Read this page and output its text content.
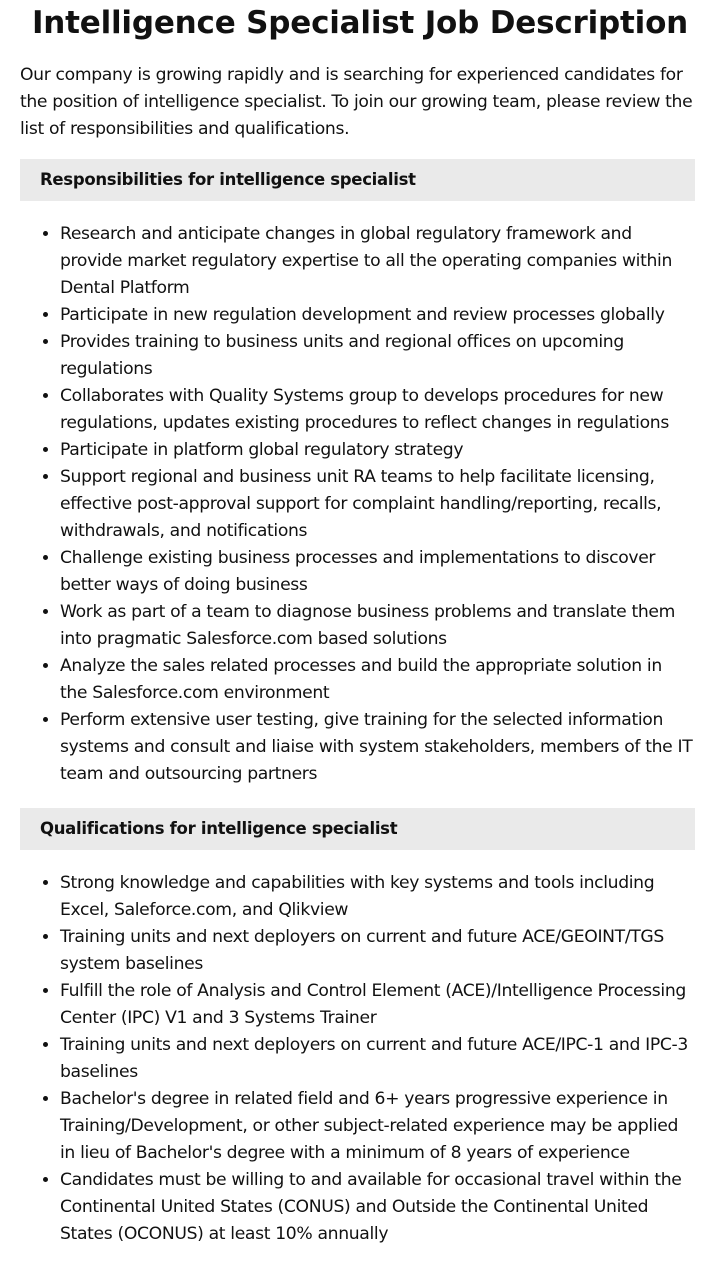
Intelligence Specialist Job Description

Our company is growing rapidly and is searching for experienced candidates for the position of intelligence specialist. To join our growing team, please review the list of responsibilities and qualifications.

Responsibilities for intelligence specialist
• Research and anticipate changes in global regulatory framework and provide market regulatory expertise to all the operating companies within Dental Platform
• Participate in new regulation development and review processes globally
• Provides training to business units and regional offices on upcoming regulations
• Collaborates with Quality Systems group to develops procedures for new regulations, updates existing procedures to reflect changes in regulations
• Participate in platform global regulatory strategy
• Support regional and business unit RA teams to help facilitate licensing, effective post-approval support for complaint handling/reporting, recalls, withdrawals, and notifications
• Challenge existing business processes and implementations to discover better ways of doing business
• Work as part of a team to diagnose business problems and translate them into pragmatic Salesforce.com based solutions
• Analyze the sales related processes and build the appropriate solution in the Salesforce.com environment
• Perform extensive user testing, give training for the selected information systems and consult and liaise with system stakeholders, members of the IT team and outsourcing partners
Qualifications for intelligence specialist
• Strong knowledge and capabilities with key systems and tools including Excel, Saleforce.com, and Qlikview
• Training units and next deployers on current and future ACE/GEOINT/TGS system baselines
• Fulfill the role of Analysis and Control Element (ACE)/Intelligence Processing Center (IPC) V1 and 3 Systems Trainer
• Training units and next deployers on current and future ACE/IPC-1 and IPC-3 baselines
• Bachelor's degree in related field and 6+ years progressive experience in Training/Development, or other subject-related experience may be applied in lieu of Bachelor's degree with a minimum of 8 years of experience
• Candidates must be willing to and available for occasional travel within the Continental United States (CONUS) and Outside the Continental United States (OCONUS) at least 10% annually
